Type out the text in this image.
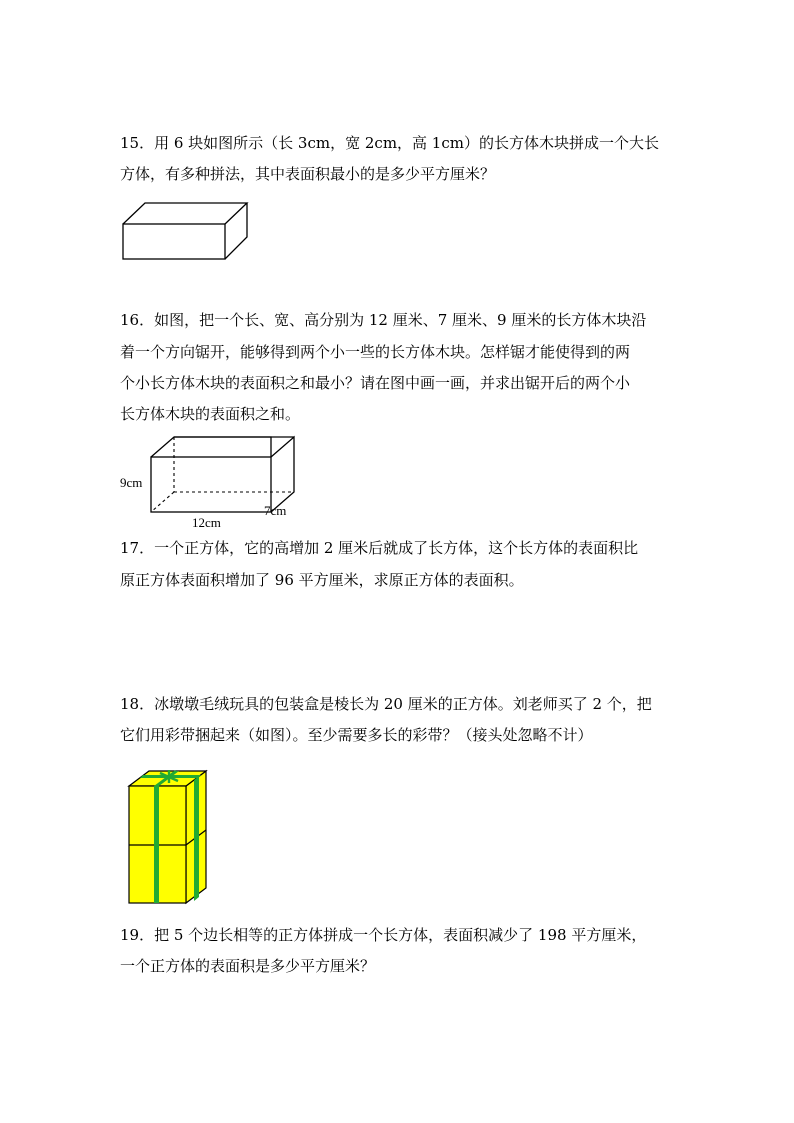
15．用 6 块如图所示（长 3cm，宽 2cm，高 1cm）的长方体木块拼成一个大长
方体，有多种拼法，其中表面积最小的是多少平方厘米？
16．如图，把一个长、宽、高分别为 12 厘米、7 厘米、9 厘米的长方体木块沿
着一个方向锯开，能够得到两个小一些的长方体木块。怎样锯才能使得到的两
个小长方体木块的表面积之和最小？请在图中画一画，并求出锯开后的两个小
长方体木块的表面积之和。
9cm
12cm
7cm
17．一个正方体，它的高增加 2 厘米后就成了长方体，这个长方体的表面积比
原正方体表面积增加了 96 平方厘米，求原正方体的表面积。
18．冰墩墩毛绒玩具的包装盒是棱长为 20 厘米的正方体。刘老师买了 2 个，把
它们用彩带捆起来（如图）。至少需要多长的彩带？（接头处忽略不计）
19．把 5 个边长相等的正方体拼成一个长方体，表面积减少了 198 平方厘米，
一个正方体的表面积是多少平方厘米？
